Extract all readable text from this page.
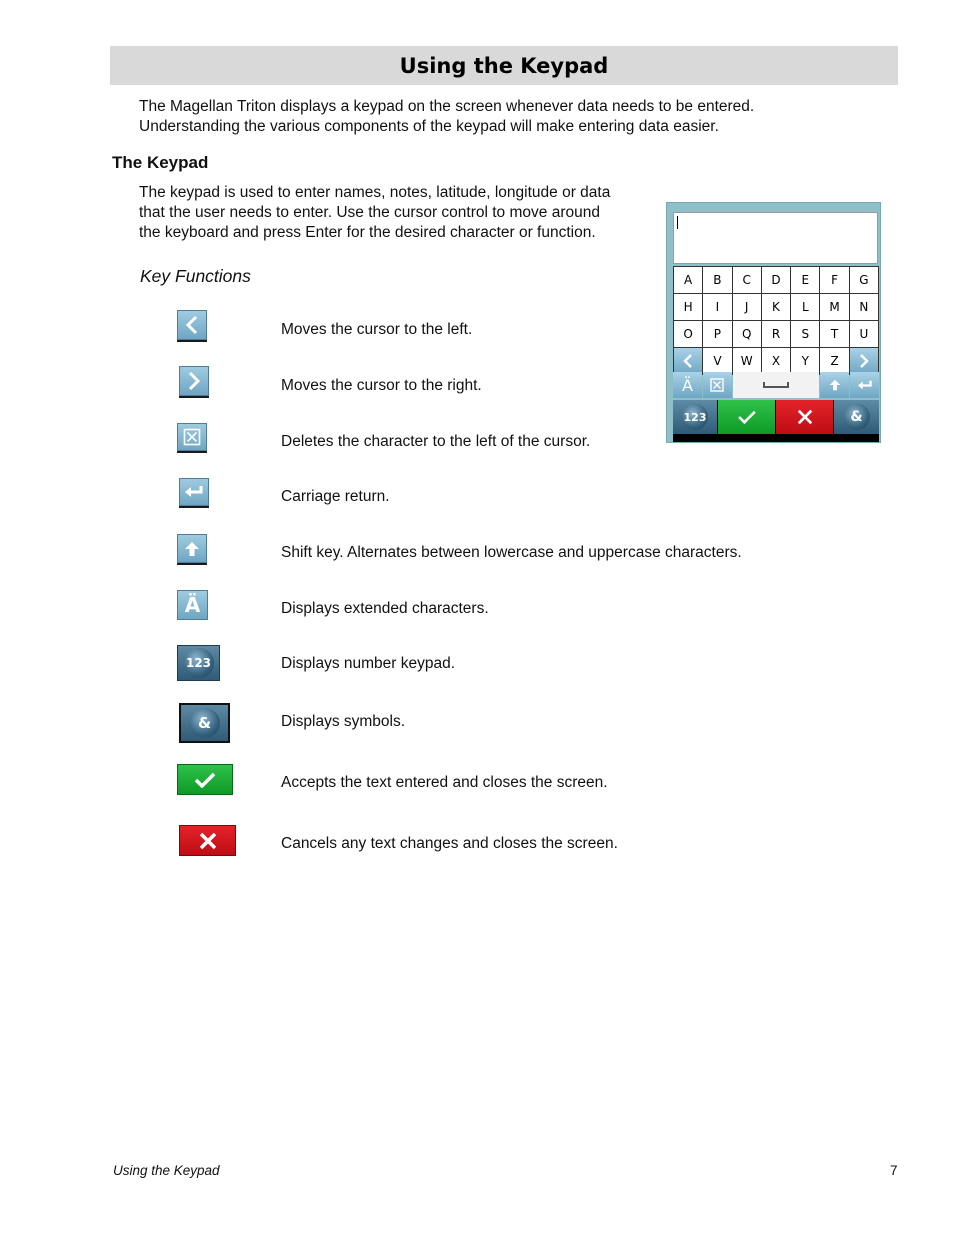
Using the Keypad
The Magellan Triton displays a keypad on the screen whenever data needs to be entered.
Understanding the various components of the keypad will make entering data easier.
The Keypad
The keypad is used to enter names, notes, latitude, longitude or data
that the user needs to enter. Use the cursor control to move around
the keyboard and press Enter for the desired character or function.
Key Functions
Moves the cursor to the left.
Moves the cursor to the right.
Deletes the character to the left of the cursor.
Carriage return.
Shift key. Alternates between lowercase and uppercase characters.
Ä	Displays extended characters.
123	Displays number keypad.
&	Displays symbols.
Accepts the text entered and closes the screen.
Cancels any text changes and closes the screen.
A	B	C	D	E	F	G
H	I	J	K	L	M	N
O	P	Q	R	S	T	U
V	W	X	Y	Z
Ä
123	&
Using the Keypad	7
